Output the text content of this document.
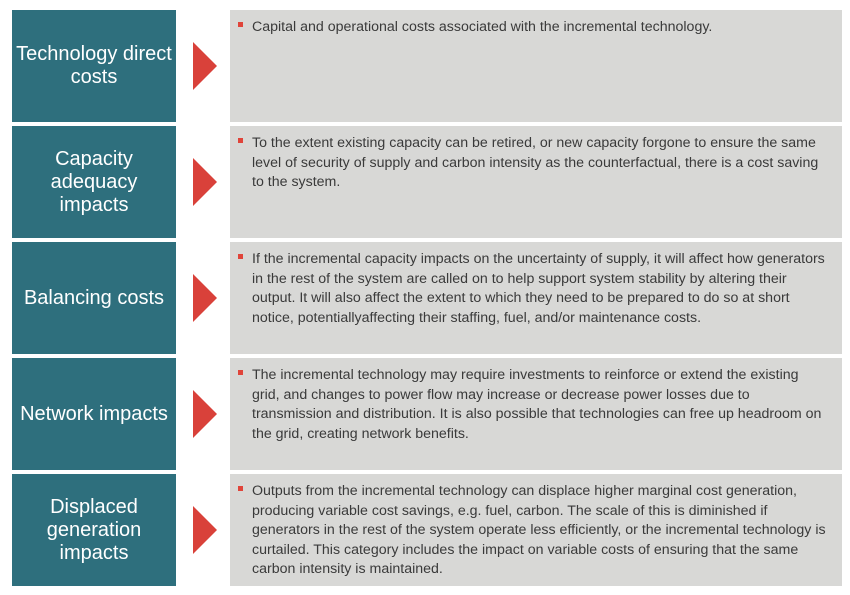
Technology direct
costs
Capital and operational costs associated with the incremental technology.
Capacity
adequacy
impacts
To the extent existing capacity can be retired, or new capacity forgone to ensure the same level of security of supply and carbon intensity as the counterfactual, there is a cost saving to the system.
Balancing costs
If the incremental capacity impacts on the uncertainty of supply, it will affect how generators in the rest of the system are called on to help support system stability by altering their output. It will also affect the extent to which they need to be prepared to do so at short notice, potentiallyaffecting their staffing, fuel, and/or maintenance costs.
Network impacts
The incremental technology may require investments to reinforce or extend the existing grid, and changes to power flow may increase or decrease power losses due to transmission and distribution. It is also possible that technologies can free up headroom on the grid, creating network benefits.
Displaced
generation
impacts
Outputs from the incremental technology can displace higher marginal cost generation, producing variable cost savings, e.g. fuel, carbon. The scale of this is diminished if generators in the rest of the system operate less efficiently, or the incremental technology is curtailed. This category includes the impact on variable costs of ensuring that the same carbon intensity is maintained.
